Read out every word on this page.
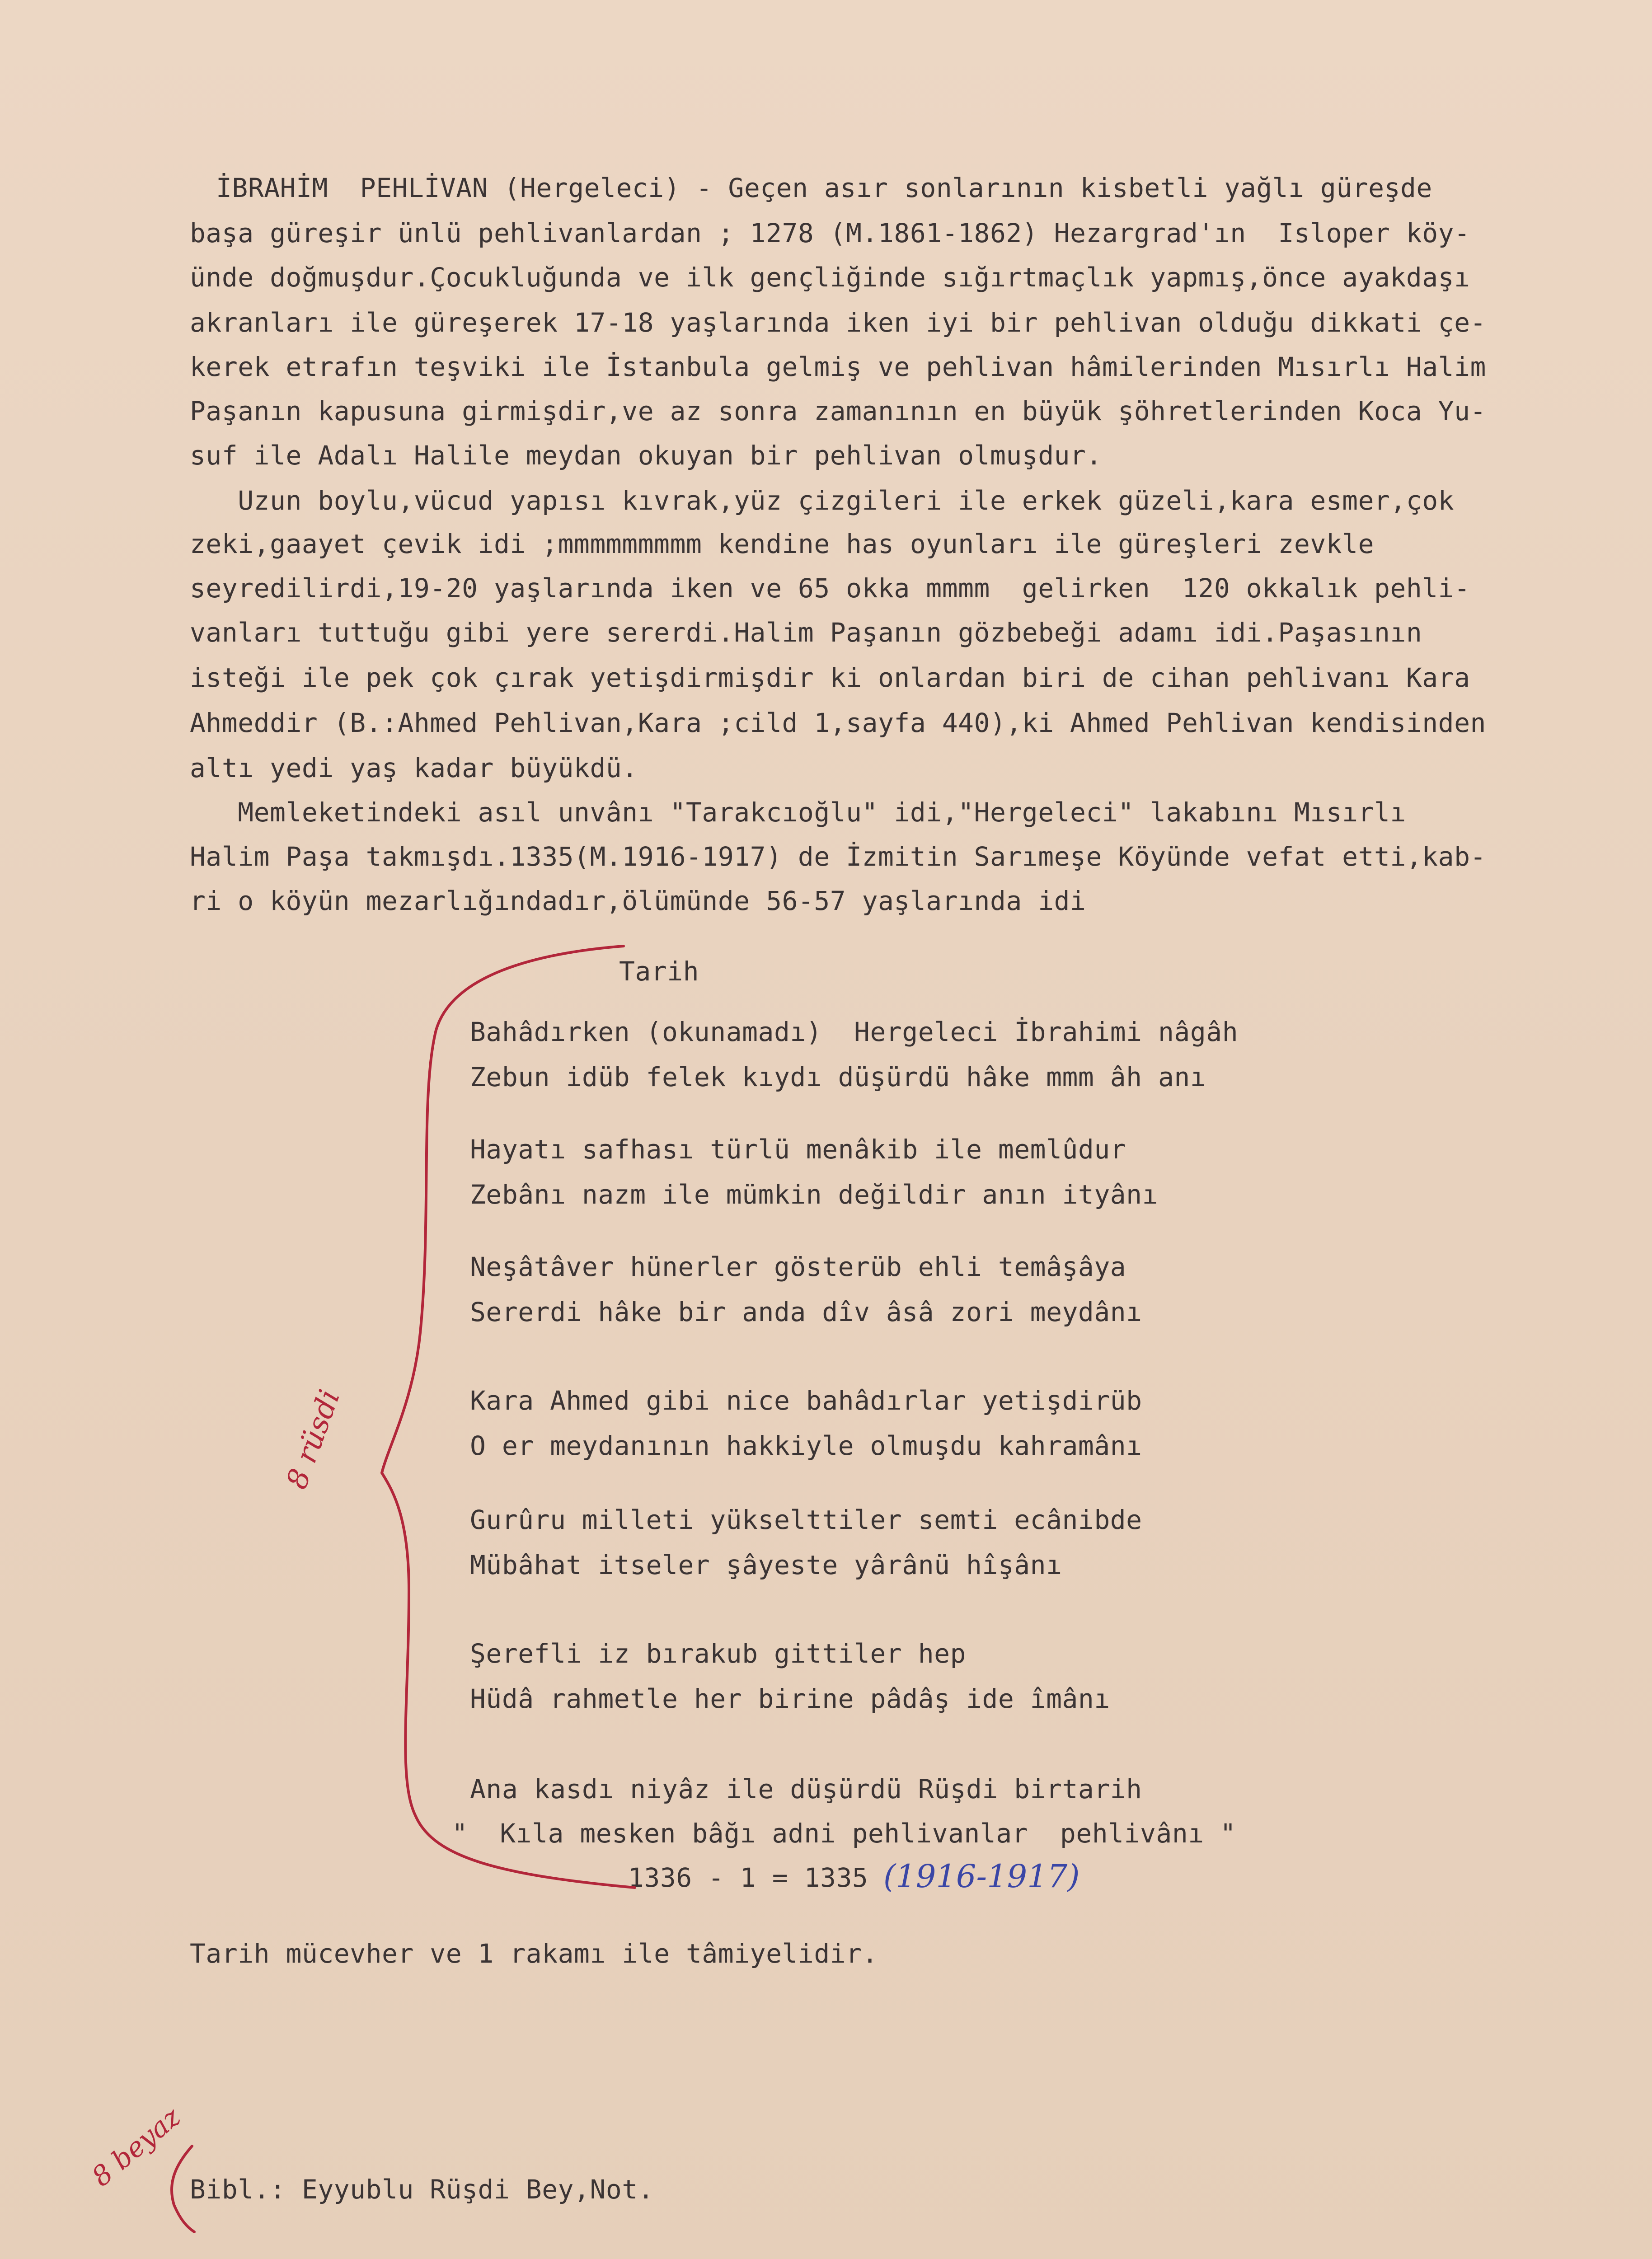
İBRAHİM  PEHLİVAN (Hergeleci) - Geçen asır sonlarının kisbetli yağlı güreşde
başa güreşir ünlü pehlivanlardan ; 1278 (M.1861-1862) Hezargrad'ın  Isloper köy-
ünde doğmuşdur.Çocukluğunda ve ilk gençliğinde sığırtmaçlık yapmış,önce ayakdaşı
akranları ile güreşerek 17-18 yaşlarında iken iyi bir pehlivan olduğu dikkati çe-
kerek etrafın teşviki ile İstanbula gelmiş ve pehlivan hâmilerinden Mısırlı Halim
Paşanın kapusuna girmişdir,ve az sonra zamanının en büyük şöhretlerinden Koca Yu-
suf ile Adalı Halile meydan okuyan bir pehlivan olmuşdur.
Uzun boylu,vücud yapısı kıvrak,yüz çizgileri ile erkek güzeli,kara esmer,çok
zeki,gaayet çevik idi ;mmmmmmmmm kendine has oyunları ile güreşleri zevkle
seyredilirdi,19-20 yaşlarında iken ve 65 okka mmmm  gelirken  120 okkalık pehli-
vanları tuttuğu gibi yere sererdi.Halim Paşanın gözbebeği adamı idi.Paşasının
isteği ile pek çok çırak yetişdirmişdir ki onlardan biri de cihan pehlivanı Kara
Ahmeddir (B.:Ahmed Pehlivan,Kara ;cild 1,sayfa 440),ki Ahmed Pehlivan kendisinden
altı yedi yaş kadar büyükdü.
Memleketindeki asıl unvânı "Tarakcıoğlu" idi,"Hergeleci" lakabını Mısırlı
Halim Paşa takmışdı.1335(M.1916-1917) de İzmitin Sarımeşe Köyünde vefat etti,kab-
ri o köyün mezarlığındadır,ölümünde 56-57 yaşlarında idi
Tarih
Bahâdırken (okunamadı)  Hergeleci İbrahimi nâgâh
Zebun idüb felek kıydı düşürdü hâke mmm âh anı
Hayatı safhası türlü menâkib ile memlûdur
Zebânı nazm ile mümkin değildir anın ityânı
Neşâtâver hünerler gösterüb ehli temâşâya
Sererdi hâke bir anda dîv âsâ zori meydânı
Kara Ahmed gibi nice bahâdırlar yetişdirüb
O er meydanının hakkiyle olmuşdu kahramânı
Gurûru milleti yükselttiler semti ecânibde
Mübâhat itseler şâyeste yârânü hîşânı
Şerefli iz bırakub gittiler hep
Hüdâ rahmetle her birine pâdâş ide îmânı
Ana kasdı niyâz ile düşürdü Rüşdi birtarih
"  Kıla mesken bâğı adni pehlivanlar  pehlivânı "
1336 - 1 = 1335 (1916-1917)
Tarih mücevher ve 1 rakamı ile tâmiyelidir.
Bibl.: Eyyublu Rüşdi Bey,Not.
8 rüsdi
8 beyaz
